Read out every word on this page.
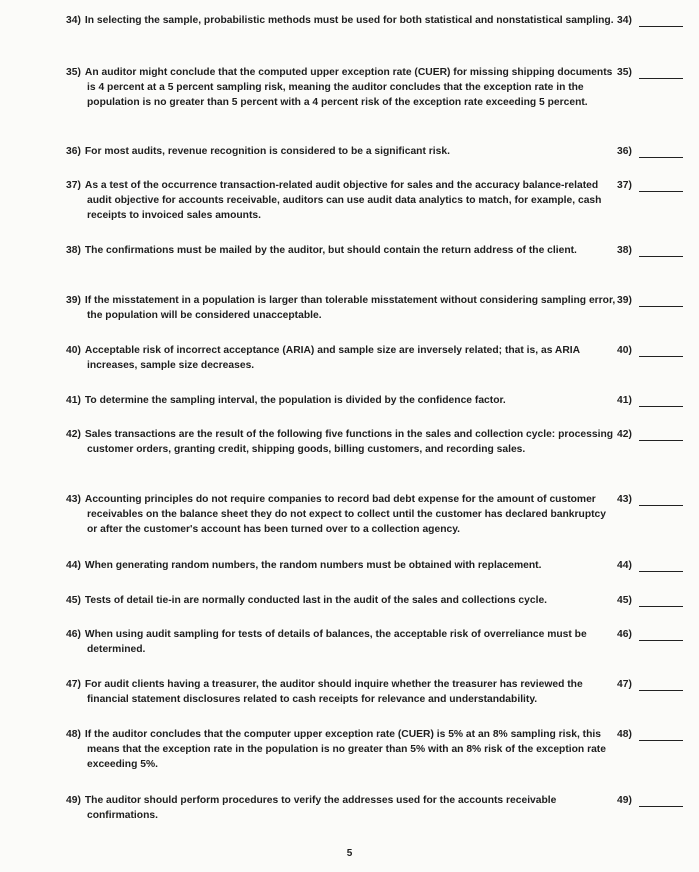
34) In selecting the sample, probabilistic methods must be used for both statistical and nonstatistical sampling. 34)
35) An auditor might conclude that the computed upper exception rate (CUER) for missing shipping documents is 4 percent at a 5 percent sampling risk, meaning the auditor concludes that the exception rate in the population is no greater than 5 percent with a 4 percent risk of the exception rate exceeding 5 percent.
35)
36) For most audits, revenue recognition is considered to be a significant risk.	36)
37) As a test of the occurrence transaction-related audit objective for sales and the accuracy balance-related audit objective for accounts receivable, auditors can use audit data analytics to match, for example, cash receipts to invoiced sales amounts.
37)
38) The confirmations must be mailed by the auditor, but should contain the return address of the client.	38)
39) If the misstatement in a population is larger than tolerable misstatement without considering sampling error, the population will be considered unacceptable.
39)
40) Acceptable risk of incorrect acceptance (ARIA) and sample size are inversely related; that is, as ARIA increases, sample size decreases.
40)
41) To determine the sampling interval, the population is divided by the confidence factor.	41)
42) Sales transactions are the result of the following five functions in the sales and collection cycle: processing customer orders, granting credit, shipping goods, billing customers, and recording sales.
42)
43) Accounting principles do not require companies to record bad debt expense for the amount of customer receivables on the balance sheet they do not expect to collect until the customer has declared bankruptcy or after the customer's account has been turned over to a collection agency.
43)
44) When generating random numbers, the random numbers must be obtained with replacement.	44)
45) Tests of detail tie-in are normally conducted last in the audit of the sales and collections cycle.	45)
46) When using audit sampling for tests of details of balances, the acceptable risk of overreliance must be determined.
46)
47) For audit clients having a treasurer, the auditor should inquire whether the treasurer has reviewed the financial statement disclosures related to cash receipts for relevance and understandability.
47)
48) If the auditor concludes that the computer upper exception rate (CUER) is 5% at an 8% sampling risk, this means that the exception rate in the population is no greater than 5% with an 8% risk of the exception rate exceeding 5%.
48)
49) The auditor should perform procedures to verify the addresses used for the accounts receivable confirmations.
49)
5
